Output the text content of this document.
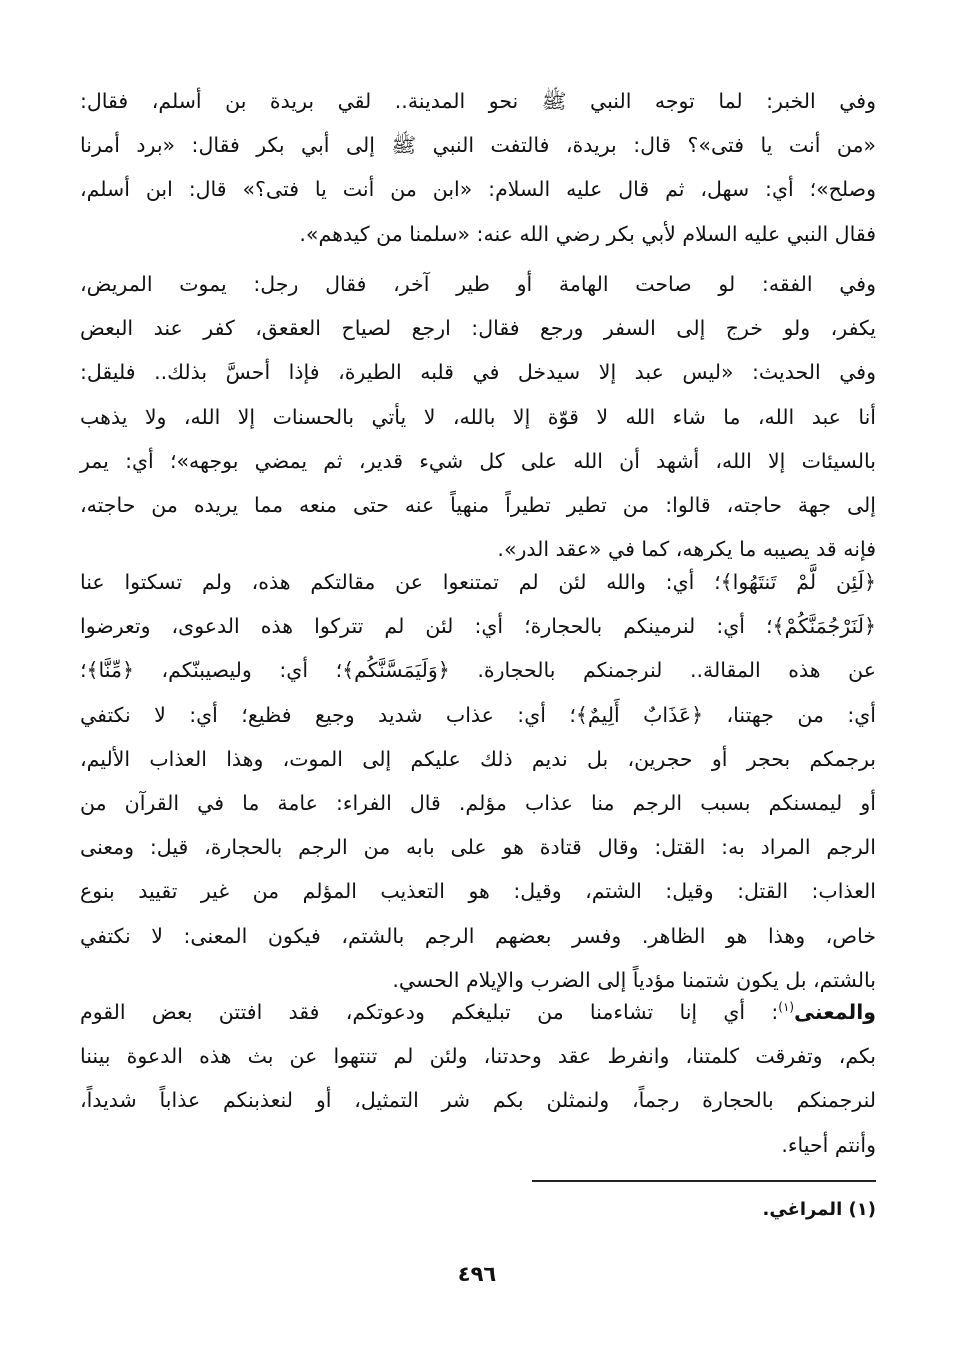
وفي الخبر: لما توجه النبي ﷺ نحو المدينة.. لقي بريدة بن أسلم، فقال:
«من أنت يا فتى»؟ قال: بريدة، فالتفت النبي ﷺ إلى أبي بكر فقال: «برد أمرنا
وصلح»؛ أي: سهل، ثم قال عليه السلام: «ابن من أنت يا فتى؟» قال: ابن أسلم،
فقال النبي عليه السلام لأبي بكر رضي الله عنه: «سلمنا من كيدهم».
وفي الفقه: لو صاحت الهامة أو طير آخر، فقال رجل: يموت المريض،
يكفر، ولو خرج إلى السفر ورجع فقال: ارجع لصياح العقعق، كفر عند البعض
وفي الحديث: «ليس عبد إلا سيدخل في قلبه الطيرة، فإذا أحسَّ بذلك.. فليقل:
أنا عبد الله، ما شاء الله لا قوّة إلا بالله، لا يأتي بالحسنات إلا الله، ولا يذهب
بالسيئات إلا الله، أشهد أن الله على كل شيء قدير، ثم يمضي بوجهه»؛ أي: يمر
إلى جهة حاجته، قالوا: من تطير تطيراً منهياً عنه حتى منعه مما يريده من حاجته،
فإنه قد يصيبه ما يكرهه، كما في «عقد الدر».
﴿لَئِن لَّمْ تَنتَهُوا﴾؛ أي: والله لئن لم تمتنعوا عن مقالتكم هذه، ولم تسكتوا عنا
﴿لَنَرْجُمَنَّكُمْ﴾؛ أي: لنرمينكم بالحجارة؛ أي: لئن لم تتركوا هذه الدعوى، وتعرضوا
عن هذه المقالة.. لنرجمنكم بالحجارة. ﴿وَلَيَمَسَّنَّكُم﴾؛ أي: وليصيبنّكم، ﴿مِّنَّا﴾؛
أي: من جهتنا، ﴿عَذَابٌ أَلِيمٌ﴾؛ أي: عذاب شديد وجيع فظيع؛ أي: لا نكتفي
برجمكم بحجر أو حجرين، بل نديم ذلك عليكم إلى الموت، وهذا العذاب الأليم،
أو ليمسنكم بسبب الرجم منا عذاب مؤلم. قال الفراء: عامة ما في القرآن من
الرجم المراد به: القتل: وقال قتادة هو على بابه من الرجم بالحجارة، قيل: ومعنى
العذاب: القتل: وقيل: الشتم، وقيل: هو التعذيب المؤلم من غير تقييد بنوع
خاص، وهذا هو الظاهر. وفسر بعضهم الرجم بالشتم، فيكون المعنى: لا نكتفي
بالشتم، بل يكون شتمنا مؤدياً إلى الضرب والإيلام الحسي.
والمعنى$^{(١)}$: أي إنا تشاءمنا من تبليغكم ودعوتكم، فقد افتتن بعض القوم
بكم، وتفرقت كلمتنا، وانفرط عقد وحدتنا، ولئن لم تنتهوا عن بث هذه الدعوة بيننا
لنرجمنكم بالحجارة رجماً، ولنمثلن بكم شر التمثيل، أو لنعذبنكم عذاباً شديداً،
وأنتم أحياء.
(١) المراغي.
٤٩٦
